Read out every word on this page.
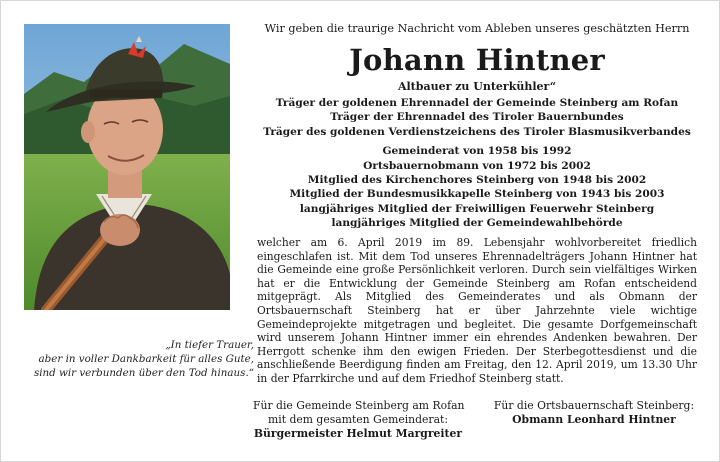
„In tiefer Trauer,
aber in voller Dankbarkeit für alles Gute,
sind wir verbunden über den Tod hinaus.“
Wir geben die traurige Nachricht vom Ableben unseres geschätzten Herrn
Johann Hintner
Altbauer zu Unterkühler“
Träger der goldenen Ehrennadel der Gemeinde Steinberg am Rofan
Träger der Ehrennadel des Tiroler Bauernbundes
Träger des goldenen Verdienstzeichens des Tiroler Blasmusikverbandes
Gemeinderat von 1958 bis 1992
Ortsbauernobmann von 1972 bis 2002
Mitglied des Kirchenchores Steinberg von 1948 bis 2002
Mitglied der Bundesmusikkapelle Steinberg von 1943 bis 2003
langjähriges Mitglied der Freiwilligen Feuerwehr Steinberg
langjähriges Mitglied der Gemeindewahlbehörde

welcher am 6. April 2019 im 89. Lebensjahr wohlvorbereitet friedlich eingeschlafen ist. Mit dem Tod unseres Ehrennadelträgers Johann Hintner hat die Gemeinde eine große Persönlichkeit verloren. Durch sein vielfältiges Wirken hat er die Entwicklung der Gemeinde Steinberg am Rofan entscheidend mitgeprägt. Als Mitglied des Gemeinderates und als Obmann der Ortsbauernschaft Steinberg hat er über Jahrzehnte viele wichtige Gemeindeprojekte mitgetragen und begleitet. Die gesamte Dorfgemeinschaft wird unserem Johann Hintner immer ein ehrendes Andenken bewahren. Der Herrgott schenke ihm den ewigen Frieden. Der Sterbegottesdienst und die anschließende Beerdigung finden am Freitag, den 12. April 2019, um 13.30 Uhr in der Pfarrkirche und auf dem Friedhof Steinberg statt.

Für die Gemeinde Steinberg am Rofan
mit dem gesamten Gemeinderat:
Bürgermeister Helmut Margreiter
Für die Ortsbauernschaft Steinberg:
Obmann Leonhard Hintner
